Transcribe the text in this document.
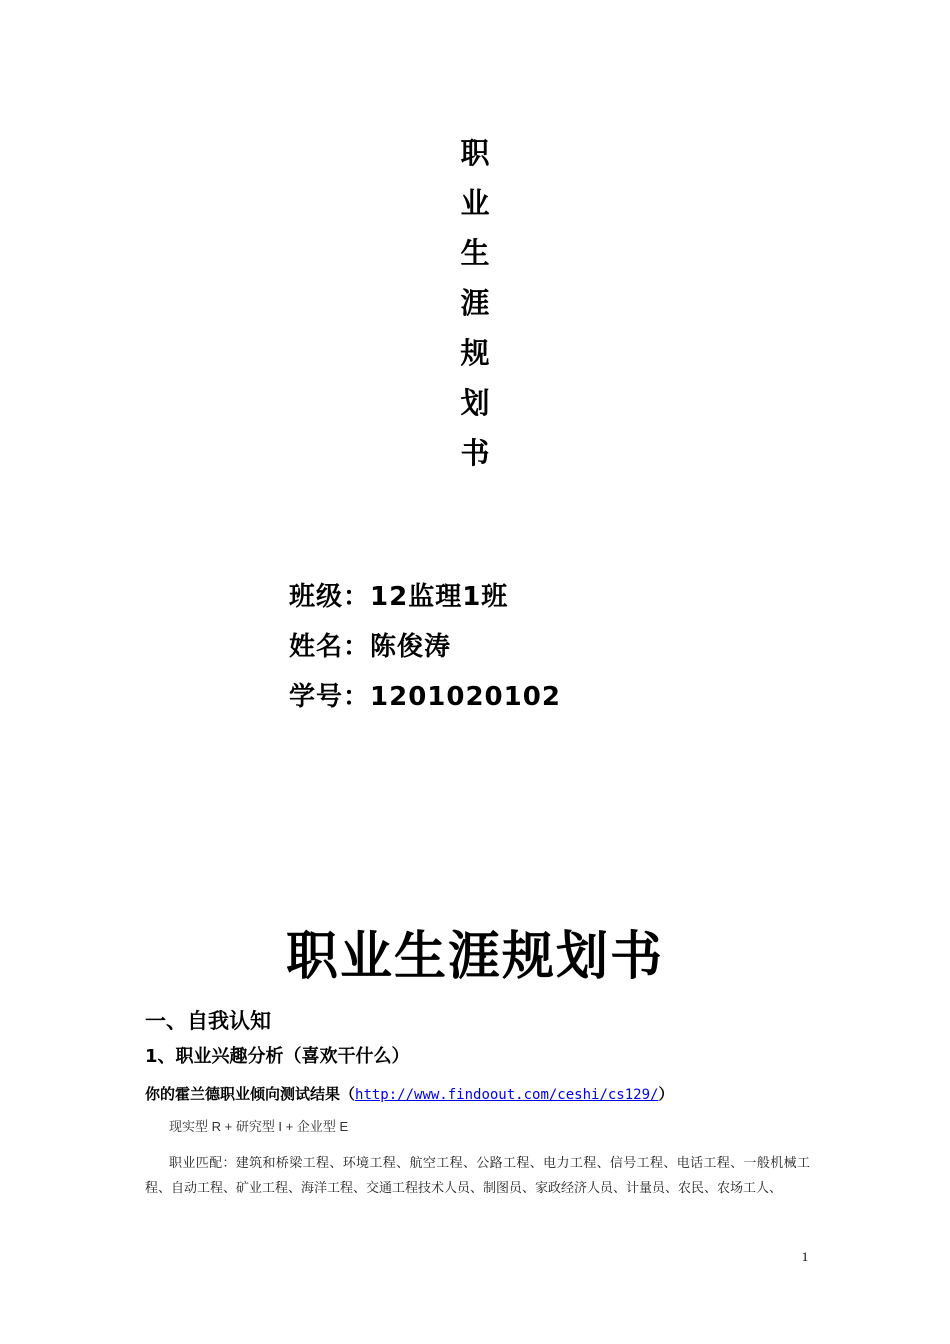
职
业
生
涯
规
划
书
班级：12监理1班
姓名：陈俊涛
学号：1201020102
职业生涯规划书
一、自我认知
1、职业兴趣分析（喜欢干什么）
你的霍兰德职业倾向测试结果（http://www.findoout.com/ceshi/cs129/）
现实型 R + 研究型 I + 企业型 E
职业匹配：建筑和桥梁工程、环境工程、航空工程、公路工程、电力工程、信号工程、电话工程、一般机械工程、自动工程、矿业工程、海洋工程、交通工程技术人员、制图员、家政经济人员、计量员、农民、农场工人、
1
